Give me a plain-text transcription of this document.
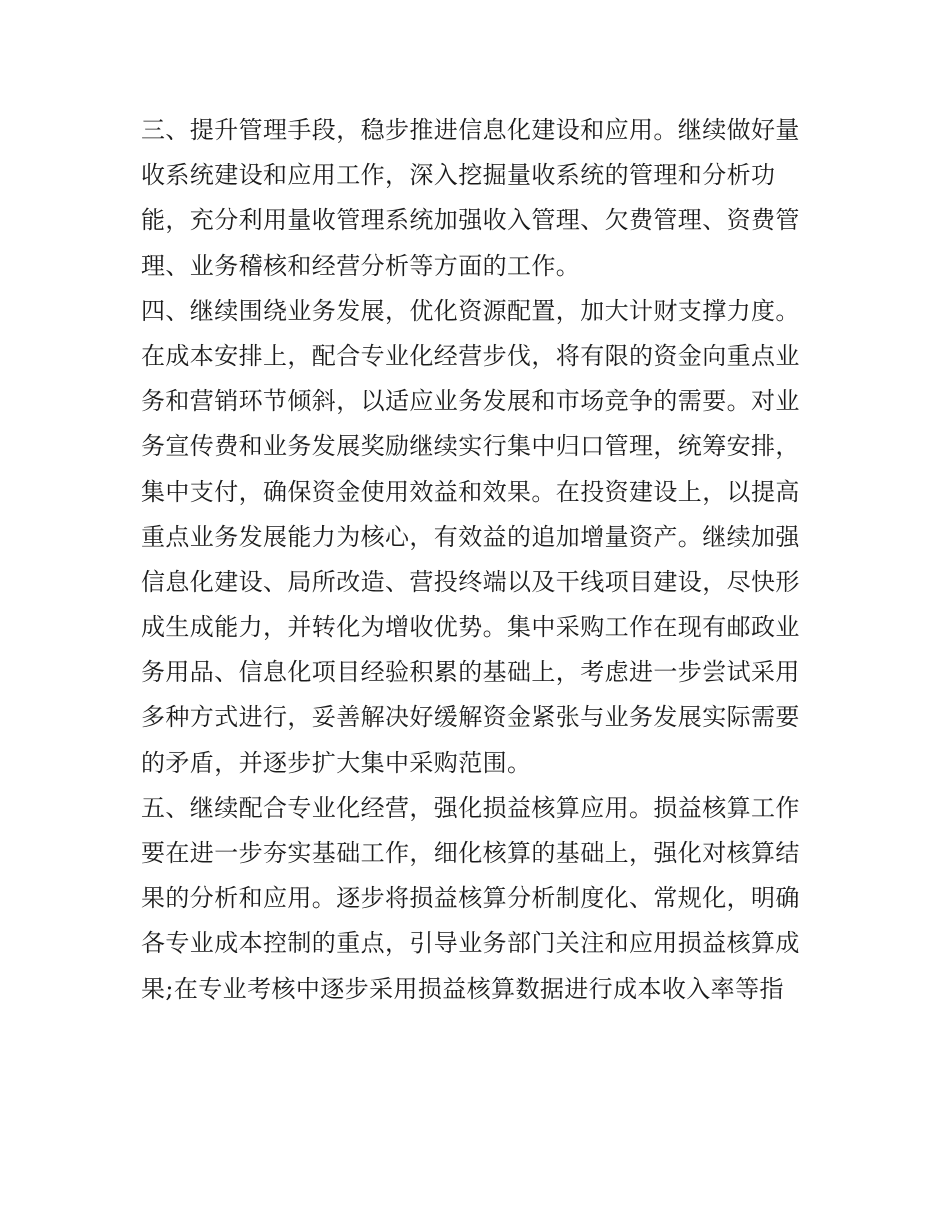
三、提升管理手段，稳步推进信息化建设和应用。继续做好量
收系统建设和应用工作，深入挖掘量收系统的管理和分析功
能，充分利用量收管理系统加强收入管理、欠费管理、资费管
理、业务稽核和经营分析等方面的工作。
四、继续围绕业务发展，优化资源配置，加大计财支撑力度。
在成本安排上，配合专业化经营步伐，将有限的资金向重点业
务和营销环节倾斜，以适应业务发展和市场竞争的需要。对业
务宣传费和业务发展奖励继续实行集中归口管理，统筹安排，
集中支付，确保资金使用效益和效果。在投资建设上，以提高
重点业务发展能力为核心，有效益的追加增量资产。继续加强
信息化建设、局所改造、营投终端以及干线项目建设，尽快形
成生成能力，并转化为增收优势。集中采购工作在现有邮政业
务用品、信息化项目经验积累的基础上，考虑进一步尝试采用
多种方式进行，妥善解决好缓解资金紧张与业务发展实际需要
的矛盾，并逐步扩大集中采购范围。
五、继续配合专业化经营，强化损益核算应用。损益核算工作
要在进一步夯实基础工作，细化核算的基础上，强化对核算结
果的分析和应用。逐步将损益核算分析制度化、常规化，明确
各专业成本控制的重点，引导业务部门关注和应用损益核算成
果;在专业考核中逐步采用损益核算数据进行成本收入率等指
